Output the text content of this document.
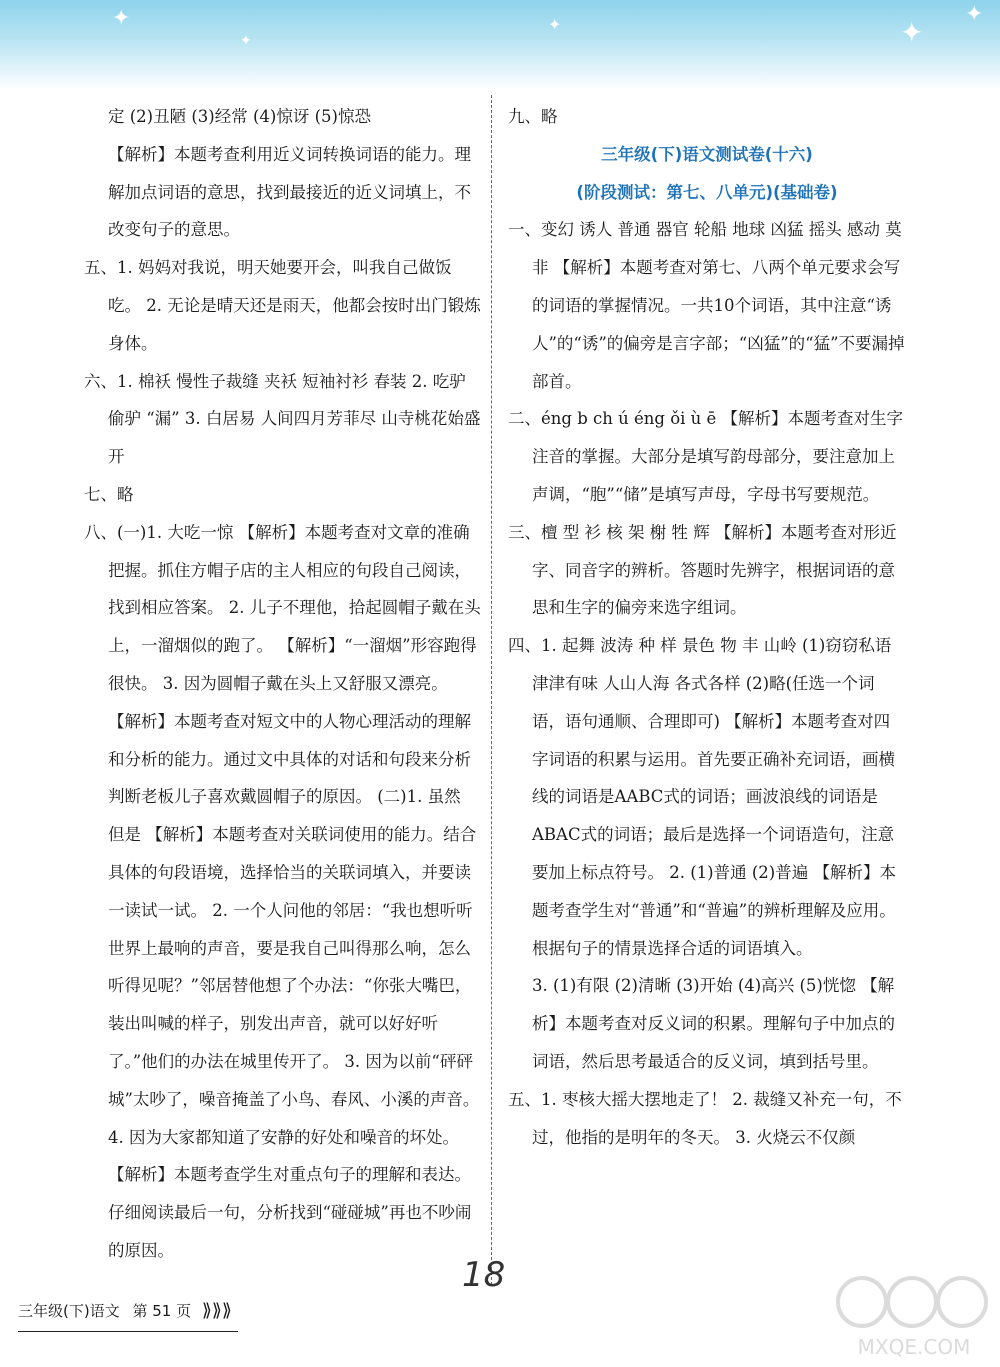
✦
✦
✦	✦
✦

定 (2)丑陋 (3)经常 (4)惊讶 (5)惊恐

【解析】本题考查利用近义词转换词语的能力。理解加点词语的意思，找到最接近的近义词填上，不改变句子的意思。

五、1. 妈妈对我说，明天她要开会，叫我自己做饭吃。 2. 无论是晴天还是雨天，他都会按时出门锻炼身体。

六、1. 棉袄 慢性子裁缝 夹袄 短袖衬衫 春装 2. 吃驴 偷驴 “漏” 3. 白居易 人间四月芳菲尽 山寺桃花始盛开

七、略

八、(一)1. 大吃一惊 【解析】本题考查对文章的准确把握。抓住方帽子店的主人相应的句段自己阅读，找到相应答案。 2. 儿子不理他，拾起圆帽子戴在头上，一溜烟似的跑了。 【解析】“一溜烟”形容跑得很快。 3. 因为圆帽子戴在头上又舒服又漂亮。 【解析】本题考查对短文中的人物心理活动的理解和分析的能力。通过文中具体的对话和句段来分析判断老板儿子喜欢戴圆帽子的原因。 (二)1. 虽然 但是 【解析】本题考查对关联词使用的能力。结合具体的句段语境，选择恰当的关联词填入，并要读一读试一试。 2. 一个人问他的邻居：“我也想听听世界上最响的声音，要是我自己叫得那么响，怎么听得见呢？”邻居替他想了个办法：“你张大嘴巴，装出叫喊的样子，别发出声音，就可以好好听了。”他们的办法在城里传开了。 3. 因为以前“砰砰城”太吵了，噪音掩盖了小鸟、春风、小溪的声音。 4. 因为大家都知道了安静的好处和噪音的坏处。 【解析】本题考查学生对重点句子的理解和表达。仔细阅读最后一句，分析找到“碰碰城”再也不吵闹的原因。

九、略

三年级(下)语文测试卷(十六)

(阶段测试：第七、八单元)(基础卷)

一、变幻 诱人 普通 器官 轮船 地球 凶猛 摇头 感动 莫非 【解析】本题考查对第七、八两个单元要求会写的词语的掌握情况。一共10个词语，其中注意“诱人”的“诱”的偏旁是言字部；“凶猛”的“猛”不要漏掉部首。

二、éng b ch ú éng ǒi ù ē 【解析】本题考查对生字注音的掌握。大部分是填写韵母部分，要注意加上声调，“胞”“储”是填写声母，字母书写要规范。

三、檀 型 衫 核 架 榭 牲 辉 【解析】本题考查对形近字、同音字的辨析。答题时先辨字，根据词语的意思和生字的偏旁来选字组词。

四、1. 起舞 波涛 种 样 景色 物 丰 山岭 (1)窃窃私语 津津有味 人山人海 各式各样 (2)略(任选一个词语，语句通顺、合理即可) 【解析】本题考查对四字词语的积累与运用。首先要正确补充词语，画横线的词语是AABC式的词语；画波浪线的词语是ABAC式的词语；最后是选择一个词语造句，注意要加上标点符号。 2. (1)普通 (2)普遍 【解析】本题考查学生对“普通”和“普遍”的辨析理解及应用。根据句子的情景选择合适的词语填入。

3. (1)有限 (2)清晰 (3)开始 (4)高兴 (5)恍惚 【解析】本题考查对反义词的积累。理解句子中加点的词语，然后思考最适合的反义词，填到括号里。

五、1. 枣核大摇大摆地走了！ 2. 裁缝又补充一句，不过，他指的是明年的冬天。 3. 火烧云不仅颜

三年级(下)语文 第 51 页 ⟫⟫⟫
18
MXQE.COM
